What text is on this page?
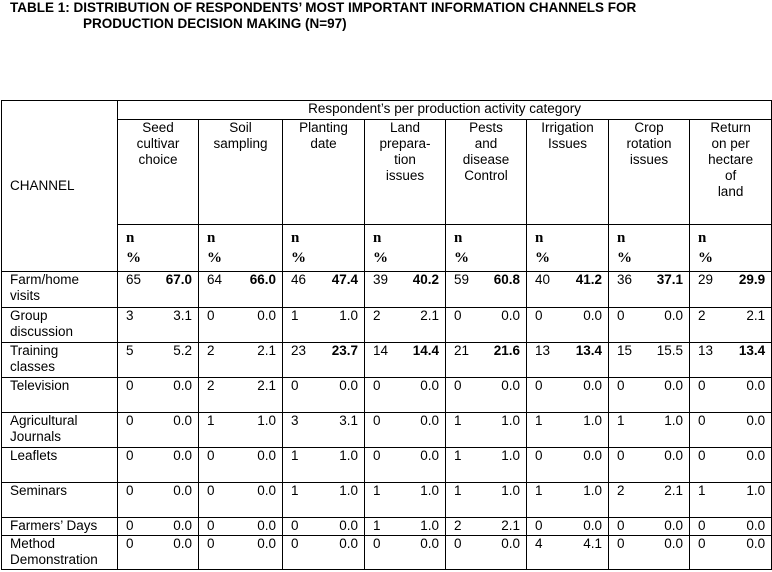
TABLE 1: DISTRIBUTION OF RESPONDENTS’ MOST IMPORTANT INFORMATION CHANNELS FOR
PRODUCTION DECISION MAKING (N=97)
CHANNEL	Respondent’s per production activity category															
	Seed
cultivar
choice		Soil
sampling		Planting
date		Land
prepara-
tion
issues		Pests
and
disease
Control		Irrigation
Issues		Crop
rotation
issues		Return
on per
hectare
of
land	
	n
%		n
%		n
%		n
%		n
%		n
%		n
%		n
%	
Farm/home
visits	65	67.0	64	66.0	46	47.4	39	40.2	59	60.8	40	41.2	36	37.1	29	29.9
Group
discussion	3	3.1	0	0.0	1	1.0	2	2.1	0	0.0	0	0.0	0	0.0	2	2.1
Training
classes	5	5.2	2	2.1	23	23.7	14	14.4	21	21.6	13	13.4	15	15.5	13	13.4
Television	0	0.0	2	2.1	0	0.0	0	0.0	0	0.0	0	0.0	0	0.0	0	0.0
Agricultural
Journals	0	0.0	1	1.0	3	3.1	0	0.0	1	1.0	1	1.0	1	1.0	0	0.0
Leaflets	0	0.0	0	0.0	1	1.0	0	0.0	1	1.0	0	0.0	0	0.0	0	0.0
Seminars	0	0.0	0	0.0	1	1.0	1	1.0	1	1.0	1	1.0	2	2.1	1	1.0
Farmers’ Days	0	0.0	0	0.0	0	0.0	1	1.0	2	2.1	0	0.0	0	0.0	0	0.0
Method
Demonstration	0	0.0	0	0.0	0	0.0	0	0.0	0	0.0	4	4.1	0	0.0	0	0.0
